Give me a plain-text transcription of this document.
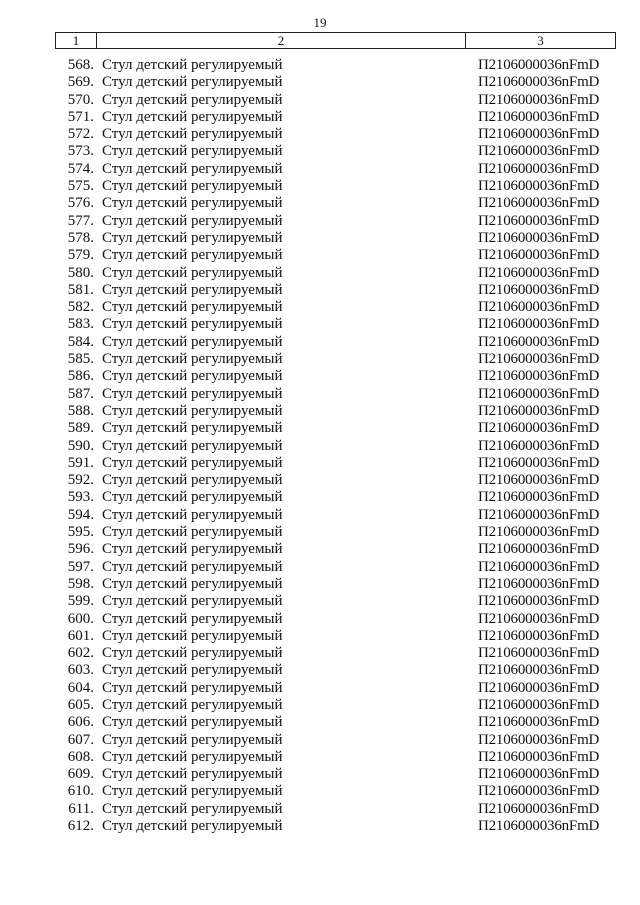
19
1	2	3
568. Стул детский регулируемый	П2106000036nFmD
569. Стул детский регулируемый	П2106000036nFmD
570. Стул детский регулируемый	П2106000036nFmD
571. Стул детский регулируемый	П2106000036nFmD
572. Стул детский регулируемый	П2106000036nFmD
573. Стул детский регулируемый	П2106000036nFmD
574. Стул детский регулируемый	П2106000036nFmD
575. Стул детский регулируемый	П2106000036nFmD
576. Стул детский регулируемый	П2106000036nFmD
577. Стул детский регулируемый	П2106000036nFmD
578. Стул детский регулируемый	П2106000036nFmD
579. Стул детский регулируемый	П2106000036nFmD
580. Стул детский регулируемый	П2106000036nFmD
581. Стул детский регулируемый	П2106000036nFmD
582. Стул детский регулируемый	П2106000036nFmD
583. Стул детский регулируемый	П2106000036nFmD
584. Стул детский регулируемый	П2106000036nFmD
585. Стул детский регулируемый	П2106000036nFmD
586. Стул детский регулируемый	П2106000036nFmD
587. Стул детский регулируемый	П2106000036nFmD
588. Стул детский регулируемый	П2106000036nFmD
589. Стул детский регулируемый	П2106000036nFmD
590. Стул детский регулируемый	П2106000036nFmD
591. Стул детский регулируемый	П2106000036nFmD
592. Стул детский регулируемый	П2106000036nFmD
593. Стул детский регулируемый	П2106000036nFmD
594. Стул детский регулируемый	П2106000036nFmD
595. Стул детский регулируемый	П2106000036nFmD
596. Стул детский регулируемый	П2106000036nFmD
597. Стул детский регулируемый	П2106000036nFmD
598. Стул детский регулируемый	П2106000036nFmD
599. Стул детский регулируемый	П2106000036nFmD
600. Стул детский регулируемый	П2106000036nFmD
601. Стул детский регулируемый	П2106000036nFmD
602. Стул детский регулируемый	П2106000036nFmD
603. Стул детский регулируемый	П2106000036nFmD
604. Стул детский регулируемый	П2106000036nFmD
605. Стул детский регулируемый	П2106000036nFmD
606. Стул детский регулируемый	П2106000036nFmD
607. Стул детский регулируемый	П2106000036nFmD
608. Стул детский регулируемый	П2106000036nFmD
609. Стул детский регулируемый	П2106000036nFmD
610. Стул детский регулируемый	П2106000036nFmD
611. Стул детский регулируемый	П2106000036nFmD
612. Стул детский регулируемый	П2106000036nFmD
